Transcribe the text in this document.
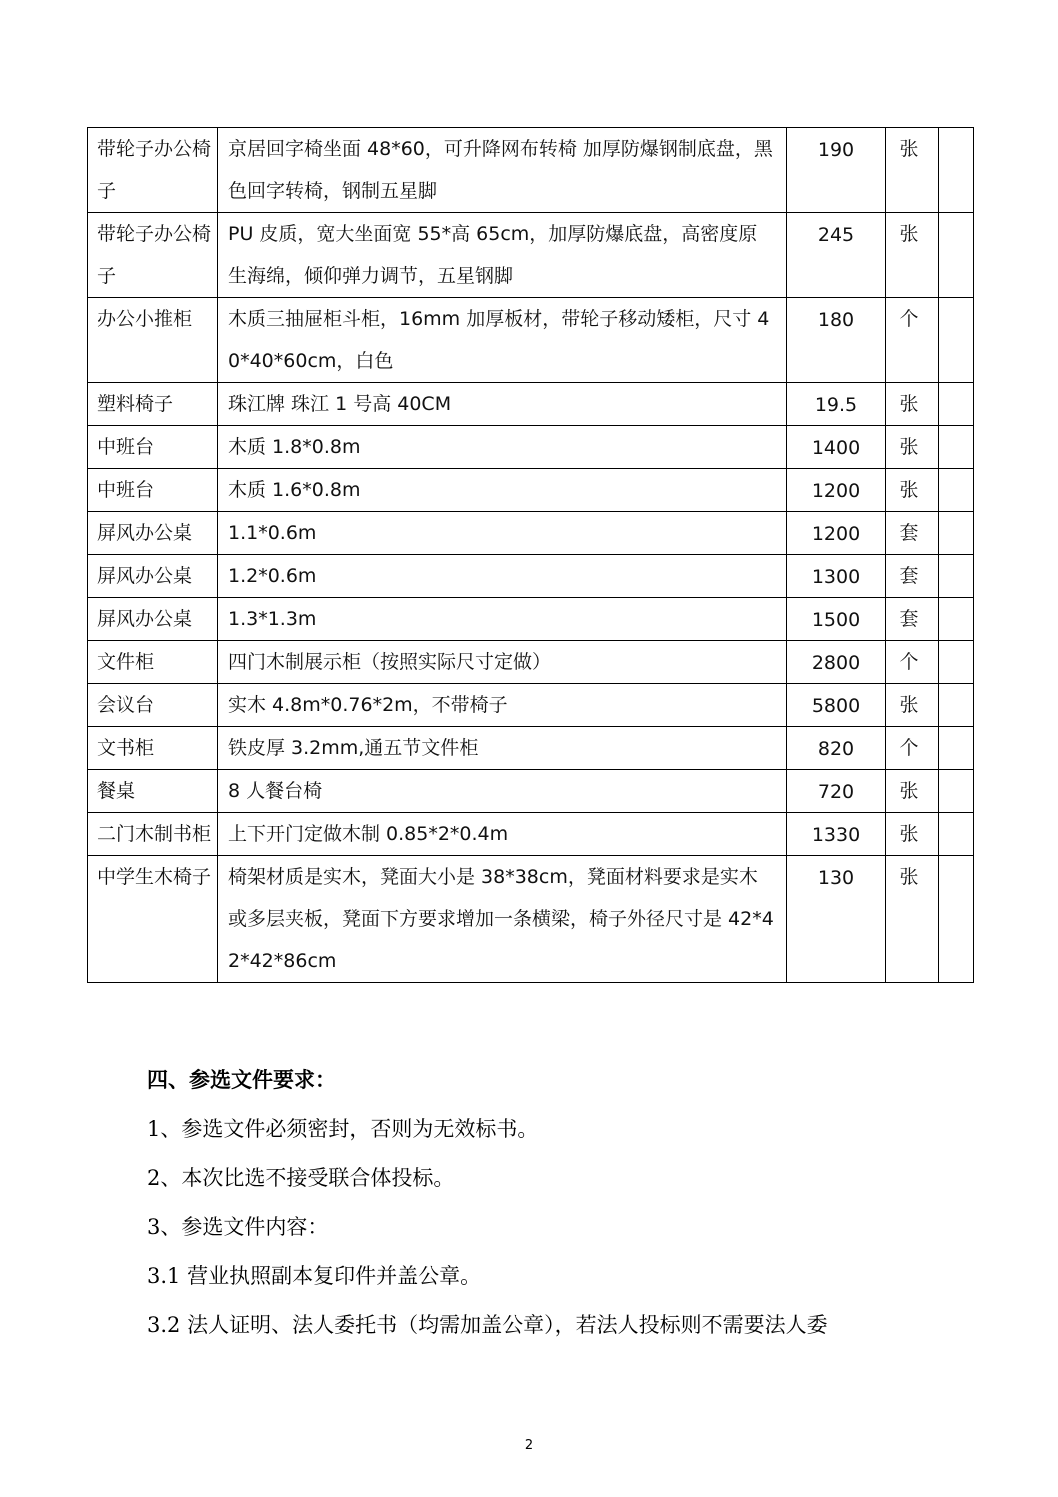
带轮子办公椅子	京居回字椅坐面 48*60，可升降网布转椅 加厚防爆钢制底盘，黑色回字转椅，钢制五星脚	190	张	
带轮子办公椅子	PU 皮质，宽大坐面宽 55*高 65cm，加厚防爆底盘，高密度原生海绵，倾仰弹力调节，五星钢脚	245	张	
办公小推柜	木质三抽屉柜斗柜，16mm 加厚板材，带轮子移动矮柜，尺寸 40*40*60cm，白色	180	个	
塑料椅子	珠江牌 珠江 1 号高 40CM	19.5	张	
中班台	木质 1.8*0.8m	1400	张	
中班台	木质 1.6*0.8m	1200	张	
屏风办公桌	1.1*0.6m	1200	套	
屏风办公桌	1.2*0.6m	1300	套	
屏风办公桌	1.3*1.3m	1500	套	
文件柜	四门木制展示柜（按照实际尺寸定做）	2800	个	
会议台	实木 4.8m*0.76*2m，不带椅子	5800	张	
文书柜	铁皮厚 3.2mm,通五节文件柜	820	个	
餐桌	8 人餐台椅	720	张	
二门木制书柜	上下开门定做木制 0.85*2*0.4m	1330	张	
中学生木椅子	椅架材质是实木，凳面大小是 38*38cm，凳面材料要求是实木或多层夹板，凳面下方要求增加一条横梁，椅子外径尺寸是 42*42*42*86cm	130	张	
四、参选文件要求：
1、参选文件必须密封，否则为无效标书。
2、本次比选不接受联合体投标。
3、参选文件内容：
3.1 营业执照副本复印件并盖公章。
3.2 法人证明、法人委托书（均需加盖公章），若法人投标则不需要法人委
2
